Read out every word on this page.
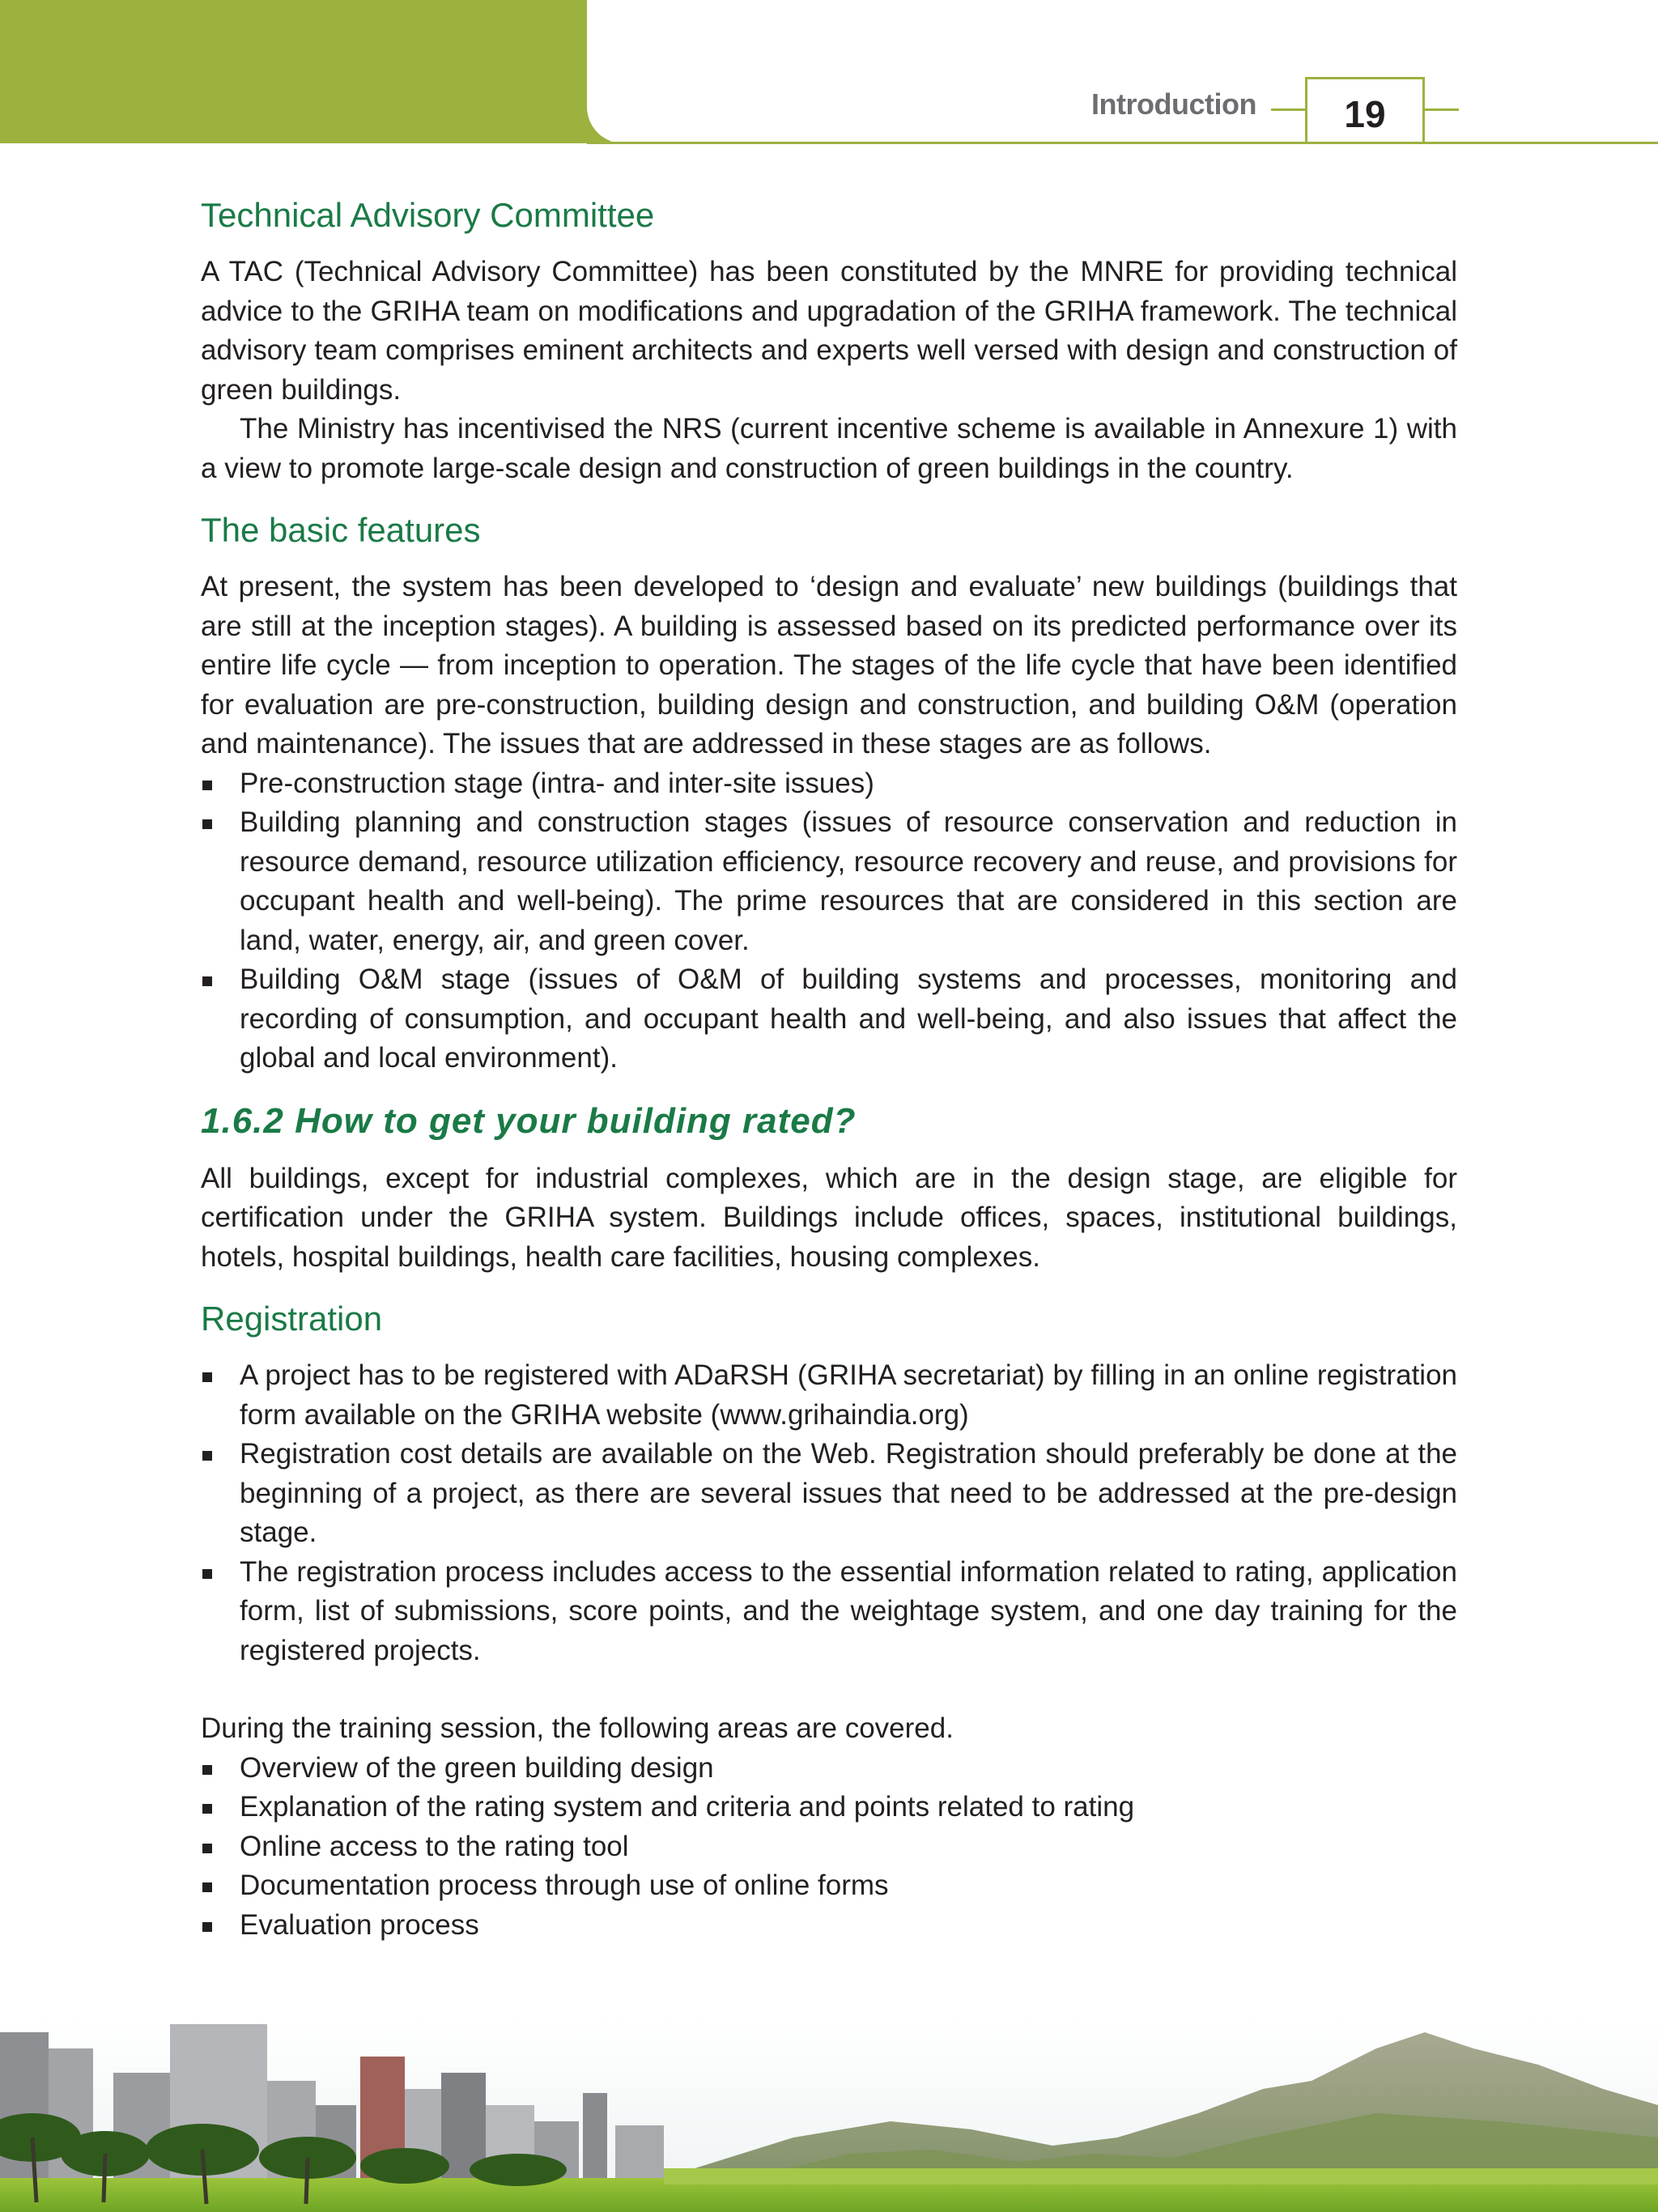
Introduction	19
Technical Advisory Committee

A TAC (Technical Advisory Committee) has been constituted by the MNRE for providing technical advice to the GRIHA team on modifications and upgradation of the GRIHA framework. The technical advisory team comprises eminent architects and experts well versed with design and construction of green buildings.

The Ministry has incentivised the NRS (current incentive scheme is available in Annexure 1) with a view to promote large-scale design and construction of green buildings in the country.

The basic features

At present, the system has been developed to ‘design and evaluate’ new buildings (buildings that are still at the inception stages). A building is assessed based on its predicted performance over its entire life cycle — from inception to operation. The stages of the life cycle that have been identified for evaluation are pre-construction, building design and construction, and building O&M (operation and maintenance). The issues that are addressed in these stages are as follows.

Pre-construction stage (intra- and inter-site issues)
Building planning and construction stages (issues of resource conservation and reduction in resource demand, resource utilization efficiency, resource recovery and reuse, and provisions for occupant health and well-being). The prime resources that are considered in this section are land, water, energy, air, and green cover.
Building O&M stage (issues of O&M of building systems and processes, monitoring and recording of consumption, and occupant health and well-being, and also issues that affect the global and local environment).
1.6.2 How to get your building rated?

All buildings, except for industrial complexes, which are in the design stage, are eligible for certification under the GRIHA system. Buildings include offices, spaces, institutional buildings, hotels, hospital buildings, health care facilities, housing complexes.

Registration
A project has to be registered with ADaRSH (GRIHA secretariat) by filling in an online registration form available on the GRIHA website (www.grihaindia.org)
Registration cost details are available on the Web. Registration should preferably be done at the beginning of a project, as there are several issues that need to be addressed at the pre-design stage.
The registration process includes access to the essential information related to rating, application form, list of submissions, score points, and the weightage system, and one day training for the registered projects.

During the training session, the following areas are covered.

Overview of the green building design
Explanation of the rating system and criteria and points related to rating
Online access to the rating tool
Documentation process through use of online forms
Evaluation process
